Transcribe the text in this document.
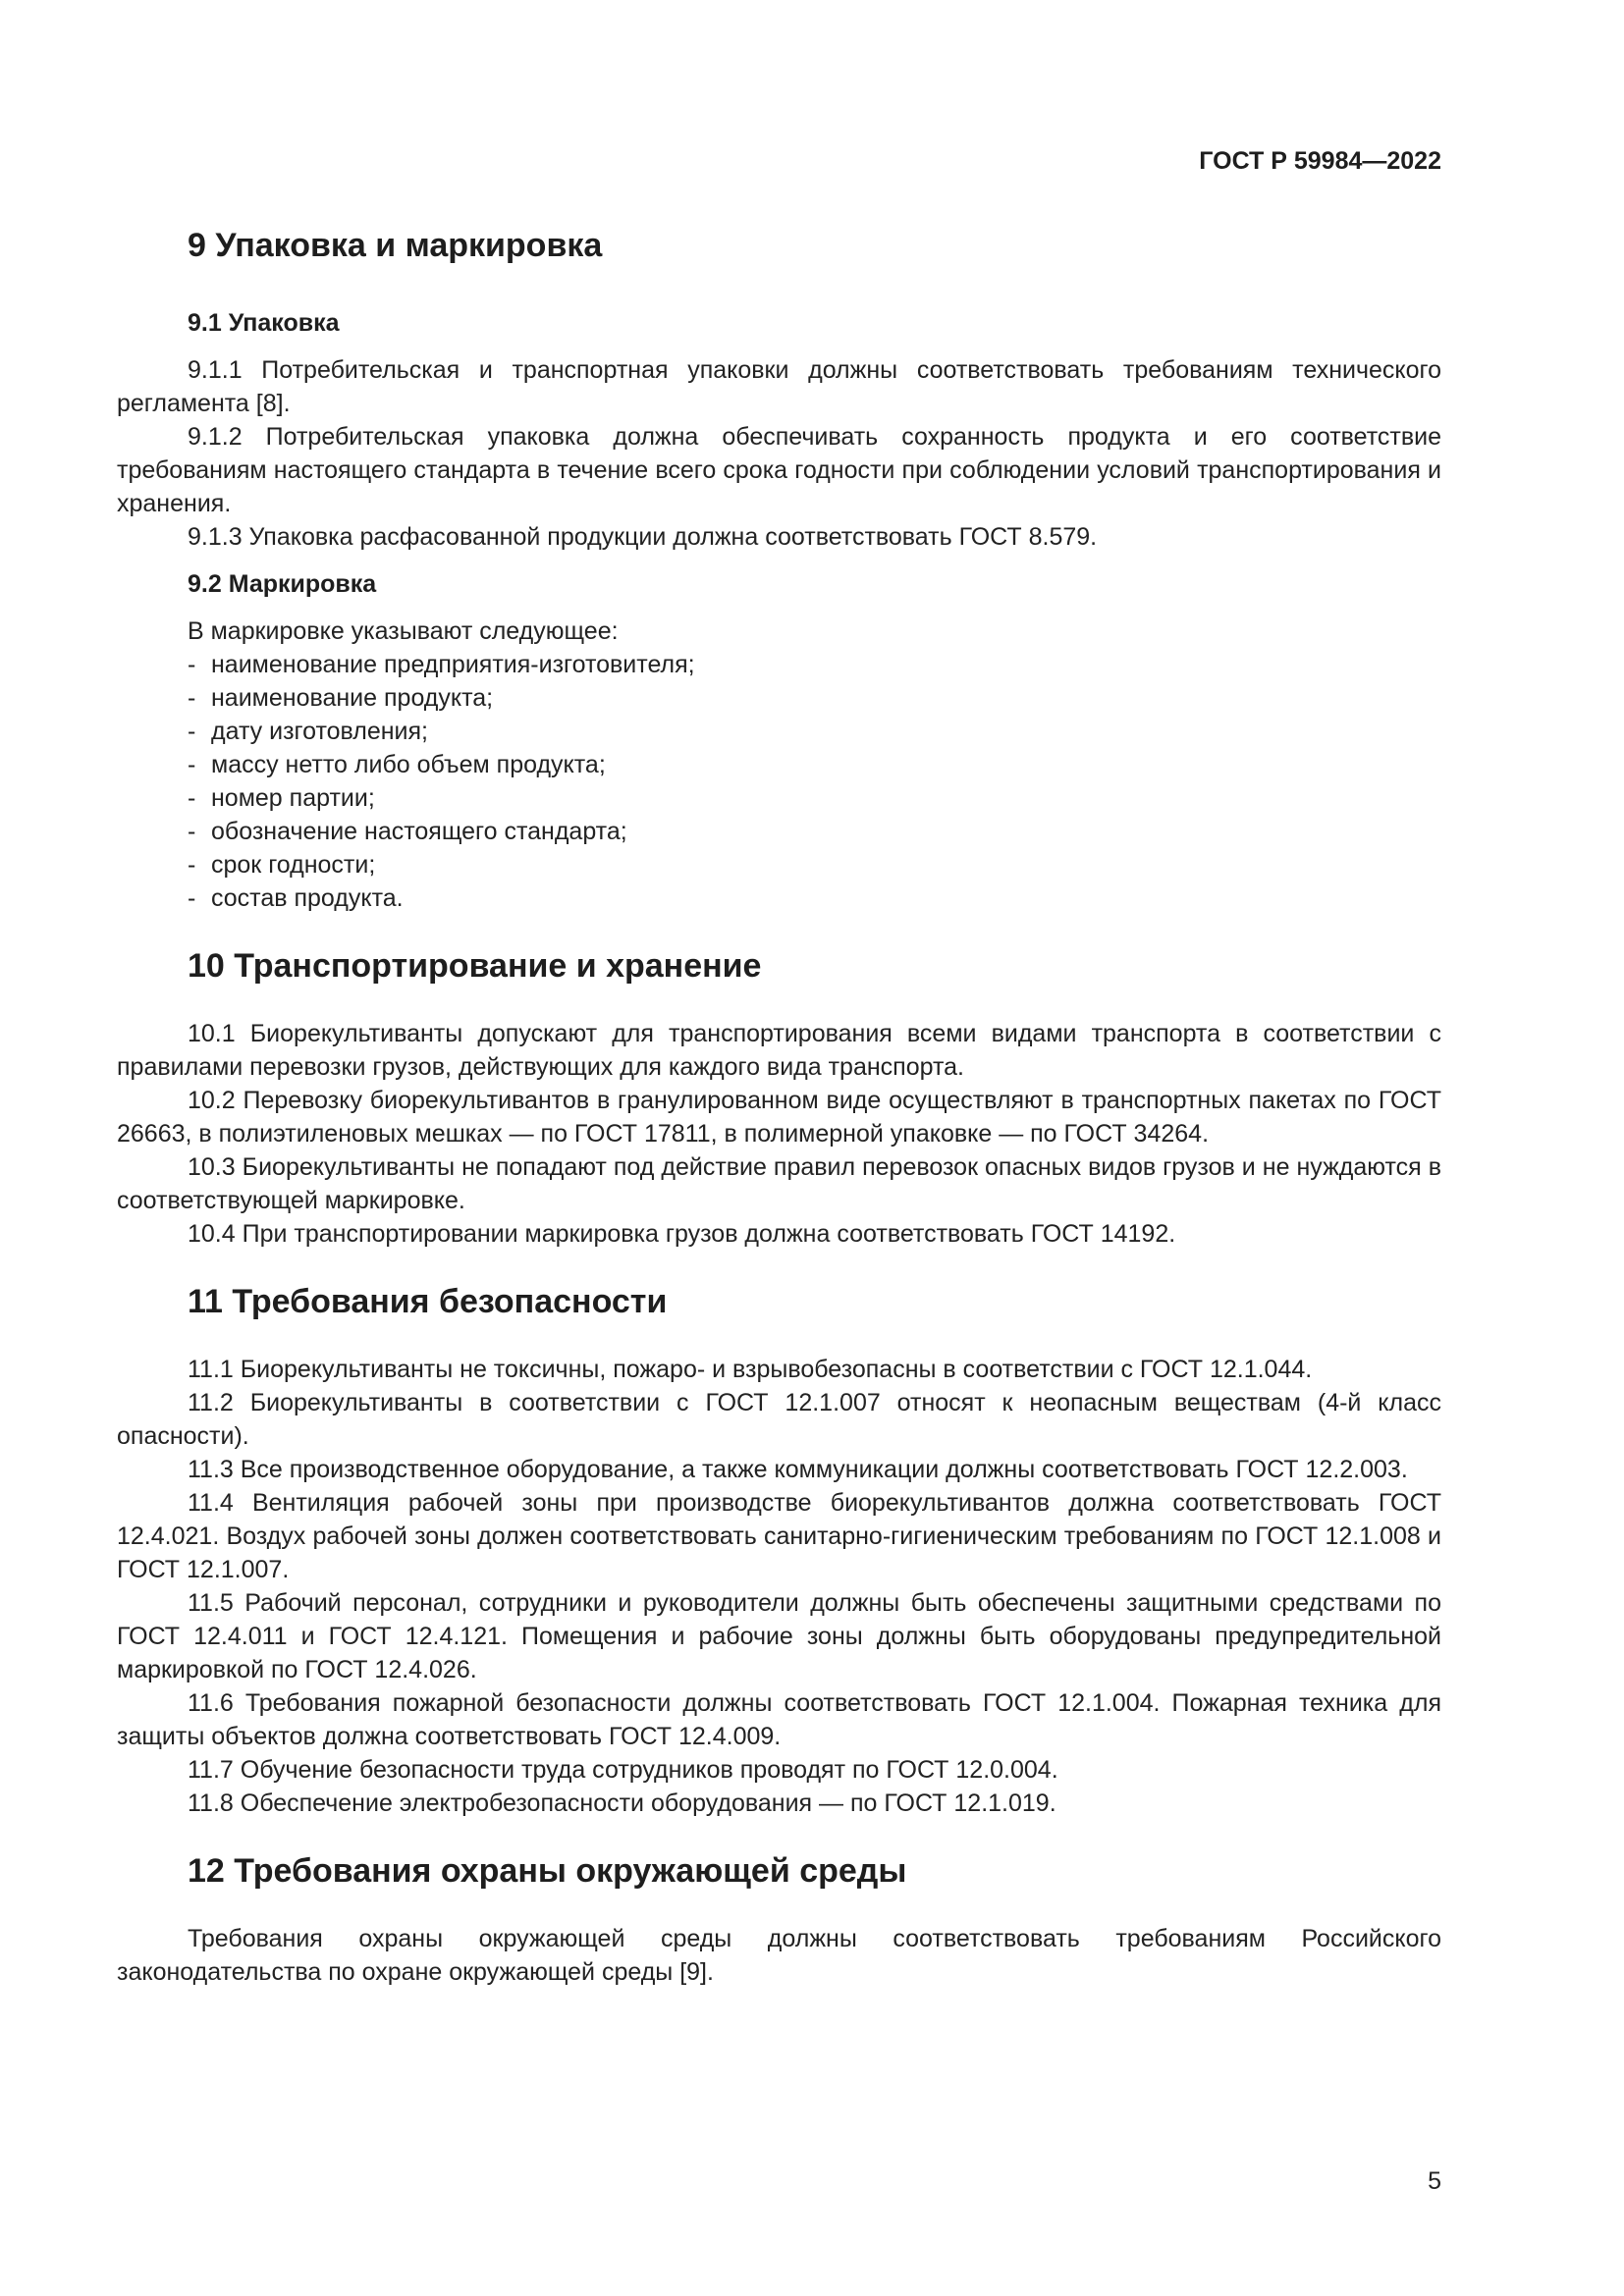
ГОСТ Р 59984—2022
9 Упаковка и маркировка
9.1 Упаковка

9.1.1 Потребительская и транспортная упаковки должны соответствовать требованиям технического регламента [8].

9.1.2 Потребительская упаковка должна обеспечивать сохранность продукта и его соответствие требованиям настоящего стандарта в течение всего срока годности при соблюдении условий транспортирования и хранения.

9.1.3 Упаковка расфасованной продукции должна соответствовать ГОСТ 8.579.

9.2 Маркировка

В маркировке указывают следующее:

- наименование предприятия-изготовителя;
- наименование продукта;
- дату изготовления;
- массу нетто либо объем продукта;
- номер партии;
- обозначение настоящего стандарта;
- срок годности;
- состав продукта.
10 Транспортирование и хранение

10.1 Биорекультиванты допускают для транспортирования всеми видами транспорта в соответствии с правилами перевозки грузов, действующих для каждого вида транспорта.

10.2 Перевозку биорекультивантов в гранулированном виде осуществляют в транспортных пакетах по ГОСТ 26663, в полиэтиленовых мешках — по ГОСТ 17811, в полимерной упаковке — по ГОСТ 34264.

10.3 Биорекультиванты не попадают под действие правил перевозок опасных видов грузов и не нуждаются в соответствующей маркировке.

10.4 При транспортировании маркировка грузов должна соответствовать ГОСТ 14192.

11 Требования безопасности

11.1 Биорекультиванты не токсичны, пожаро- и взрывобезопасны в соответствии с ГОСТ 12.1.044.

11.2 Биорекультиванты в соответствии с ГОСТ 12.1.007 относят к неопасным веществам (4-й класс опасности).

11.3 Все производственное оборудование, а также коммуникации должны соответствовать ГОСТ 12.2.003.

11.4 Вентиляция рабочей зоны при производстве биорекультивантов должна соответствовать ГОСТ 12.4.021. Воздух рабочей зоны должен соответствовать санитарно-гигиеническим требованиям по ГОСТ 12.1.008 и ГОСТ 12.1.007.

11.5 Рабочий персонал, сотрудники и руководители должны быть обеспечены защитными средствами по ГОСТ 12.4.011 и ГОСТ 12.4.121. Помещения и рабочие зоны должны быть оборудованы предупредительной маркировкой по ГОСТ 12.4.026.

11.6 Требования пожарной безопасности должны соответствовать ГОСТ 12.1.004. Пожарная техника для защиты объектов должна соответствовать ГОСТ 12.4.009.

11.7 Обучение безопасности труда сотрудников проводят по ГОСТ 12.0.004.

11.8 Обеспечение электробезопасности оборудования — по ГОСТ 12.1.019.

12 Требования охраны окружающей среды

Требования охраны окружающей среды должны соответствовать требованиям Российского законодательства по охране окружающей среды [9].

5
